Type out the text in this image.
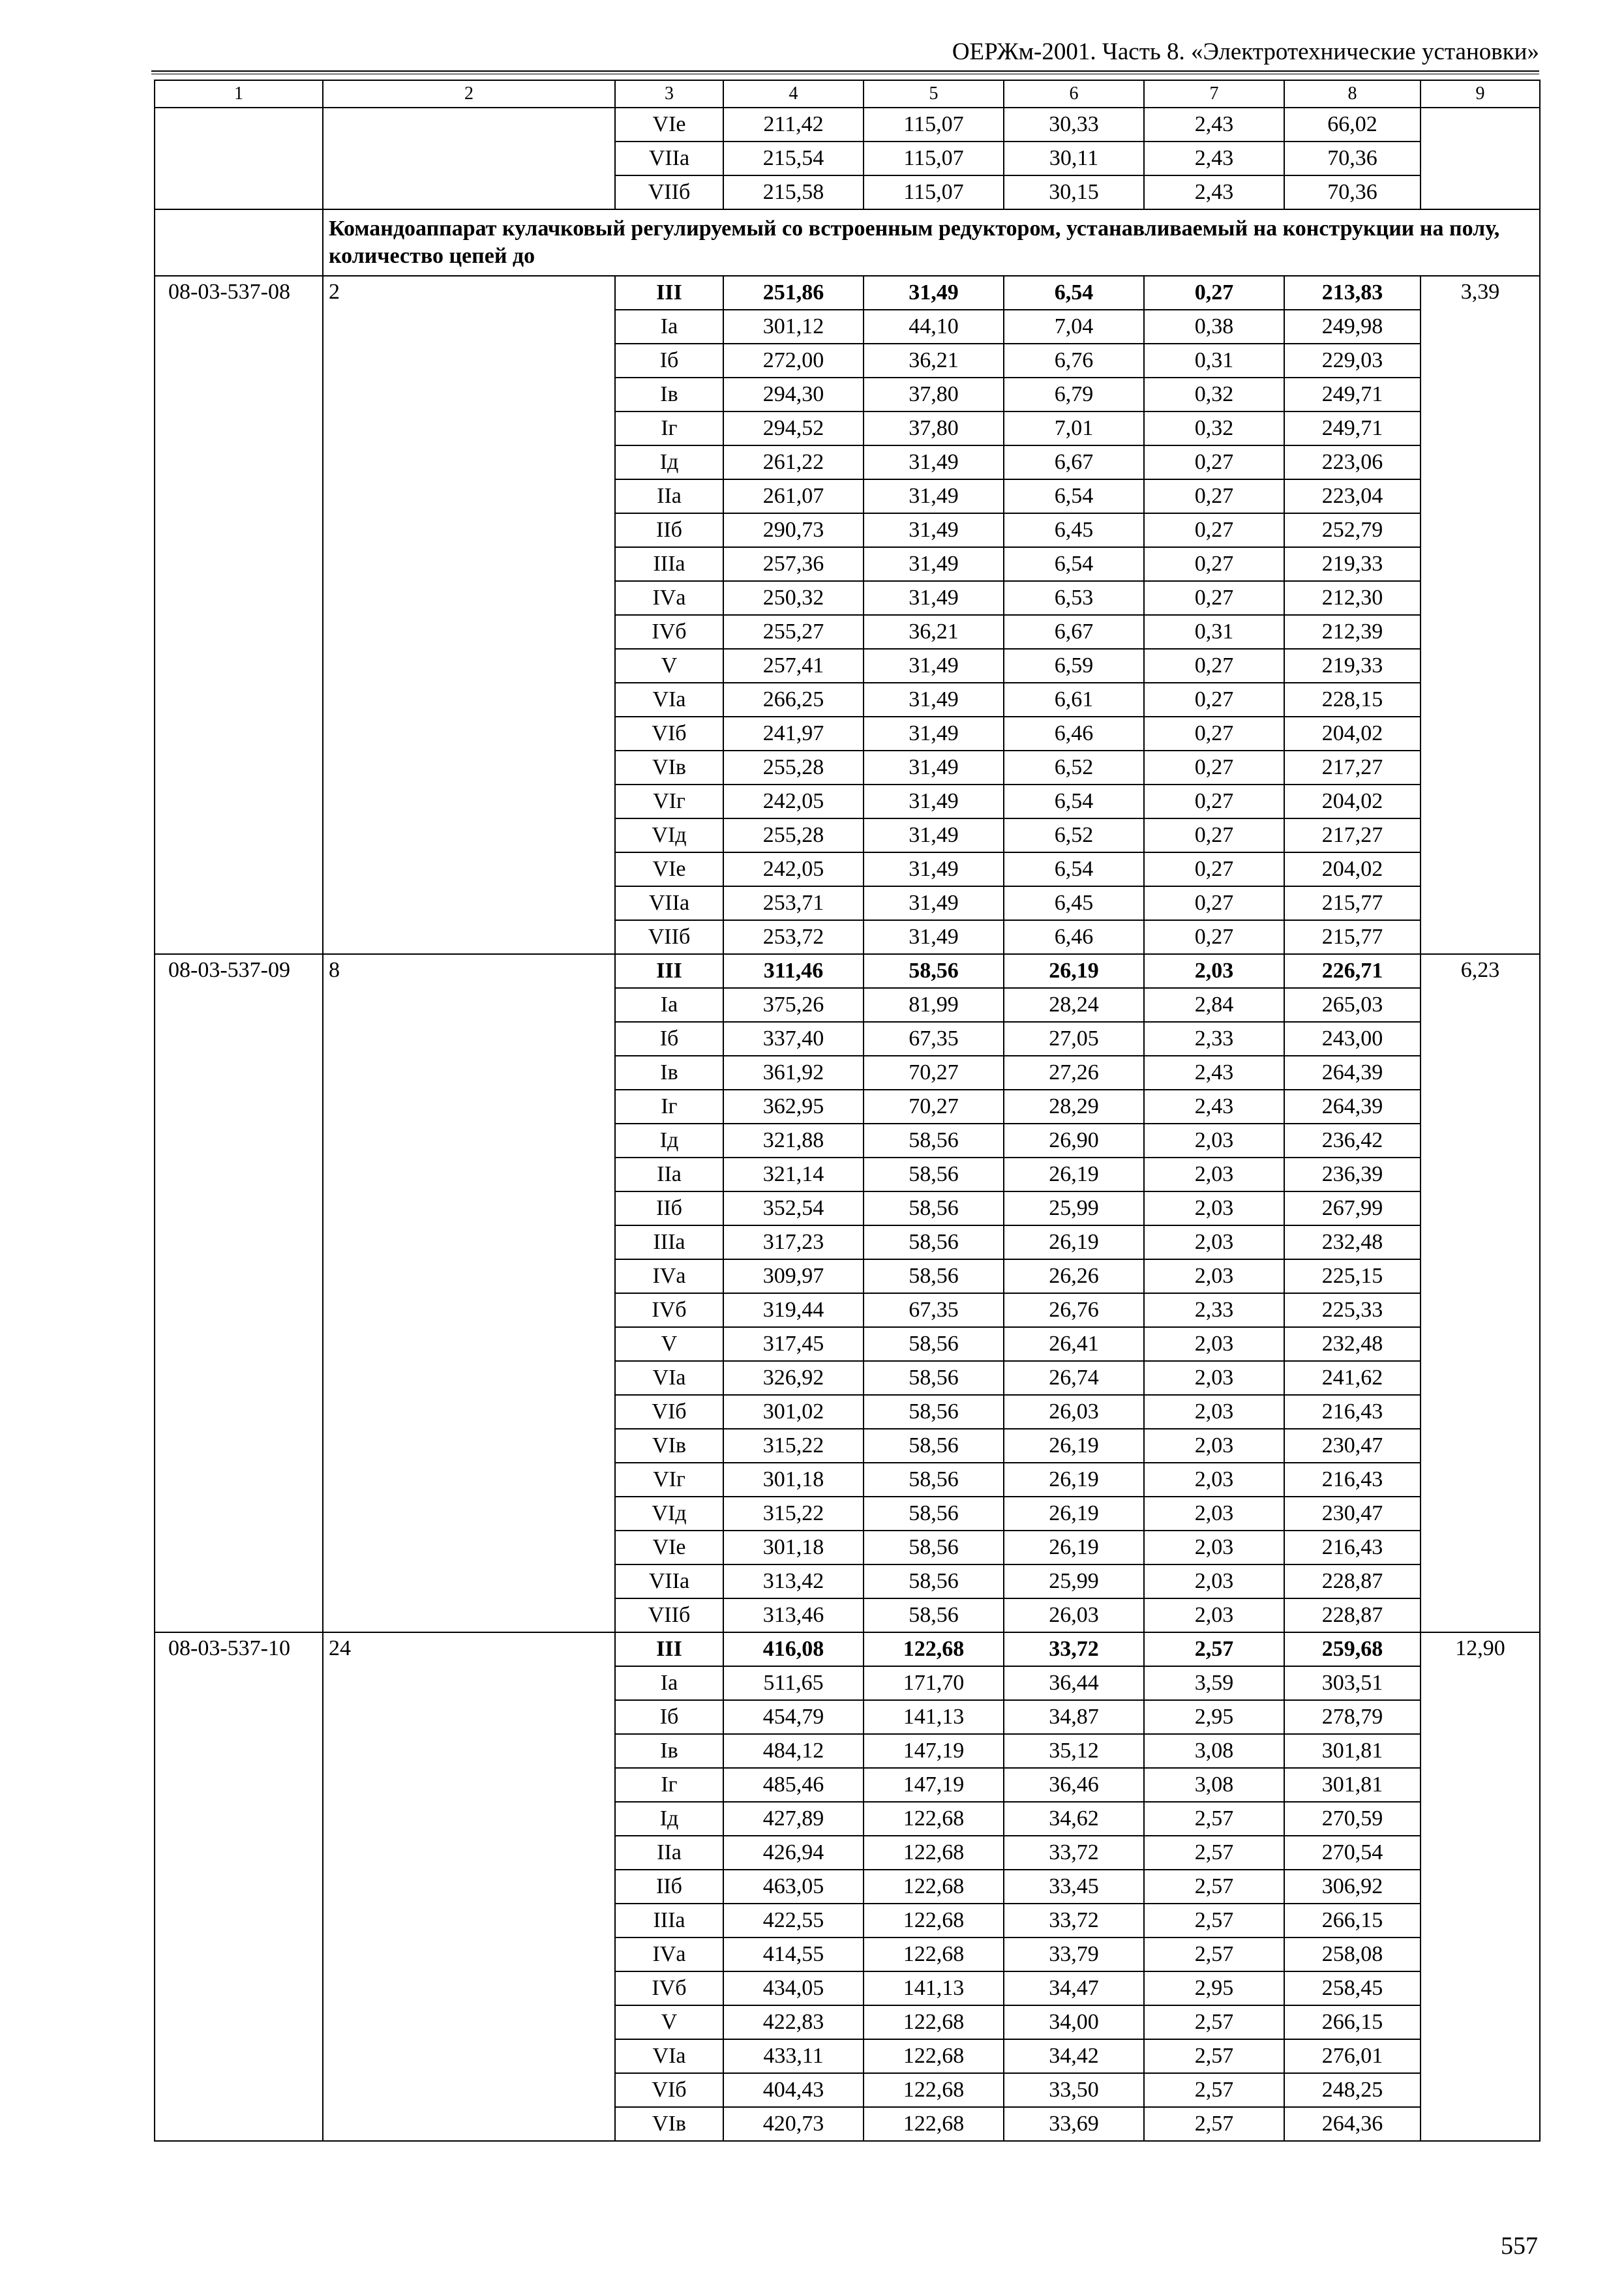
ОЕРЖм-2001. Часть 8. «Электротехнические установки»
1	2	3	4	5	6	7	8	9
		VIе	211,42	115,07	30,33	2,43	66,02	
		VIIа	215,54	115,07	30,11	2,43	70,36	
		VIIб	215,58	115,07	30,15	2,43	70,36	
	Командоаппарат кулачковый регулируемый со встроенным редуктором, устанавливаемый на конструкции на полу, количество цепей до							
08-03-537-08	2	III	251,86	31,49	6,54	0,27	213,83	3,39
		Iа	301,12	44,10	7,04	0,38	249,98	
		Iб	272,00	36,21	6,76	0,31	229,03	
		Iв	294,30	37,80	6,79	0,32	249,71	
		Iг	294,52	37,80	7,01	0,32	249,71	
		Iд	261,22	31,49	6,67	0,27	223,06	
		IIа	261,07	31,49	6,54	0,27	223,04	
		IIб	290,73	31,49	6,45	0,27	252,79	
		IIIа	257,36	31,49	6,54	0,27	219,33	
		IVа	250,32	31,49	6,53	0,27	212,30	
		IVб	255,27	36,21	6,67	0,31	212,39	
		V	257,41	31,49	6,59	0,27	219,33	
		VIа	266,25	31,49	6,61	0,27	228,15	
		VIб	241,97	31,49	6,46	0,27	204,02	
		VIв	255,28	31,49	6,52	0,27	217,27	
		VIг	242,05	31,49	6,54	0,27	204,02	
		VIд	255,28	31,49	6,52	0,27	217,27	
		VIе	242,05	31,49	6,54	0,27	204,02	
		VIIа	253,71	31,49	6,45	0,27	215,77	
		VIIб	253,72	31,49	6,46	0,27	215,77	
08-03-537-09	8	III	311,46	58,56	26,19	2,03	226,71	6,23
		Iа	375,26	81,99	28,24	2,84	265,03	
		Iб	337,40	67,35	27,05	2,33	243,00	
		Iв	361,92	70,27	27,26	2,43	264,39	
		Iг	362,95	70,27	28,29	2,43	264,39	
		Iд	321,88	58,56	26,90	2,03	236,42	
		IIа	321,14	58,56	26,19	2,03	236,39	
		IIб	352,54	58,56	25,99	2,03	267,99	
		IIIа	317,23	58,56	26,19	2,03	232,48	
		IVа	309,97	58,56	26,26	2,03	225,15	
		IVб	319,44	67,35	26,76	2,33	225,33	
		V	317,45	58,56	26,41	2,03	232,48	
		VIа	326,92	58,56	26,74	2,03	241,62	
		VIб	301,02	58,56	26,03	2,03	216,43	
		VIв	315,22	58,56	26,19	2,03	230,47	
		VIг	301,18	58,56	26,19	2,03	216,43	
		VIд	315,22	58,56	26,19	2,03	230,47	
		VIе	301,18	58,56	26,19	2,03	216,43	
		VIIа	313,42	58,56	25,99	2,03	228,87	
		VIIб	313,46	58,56	26,03	2,03	228,87	
08-03-537-10	24	III	416,08	122,68	33,72	2,57	259,68	12,90
		Iа	511,65	171,70	36,44	3,59	303,51	
		Iб	454,79	141,13	34,87	2,95	278,79	
		Iв	484,12	147,19	35,12	3,08	301,81	
		Iг	485,46	147,19	36,46	3,08	301,81	
		Iд	427,89	122,68	34,62	2,57	270,59	
		IIа	426,94	122,68	33,72	2,57	270,54	
		IIб	463,05	122,68	33,45	2,57	306,92	
		IIIа	422,55	122,68	33,72	2,57	266,15	
		IVа	414,55	122,68	33,79	2,57	258,08	
		IVб	434,05	141,13	34,47	2,95	258,45	
		V	422,83	122,68	34,00	2,57	266,15	
		VIа	433,11	122,68	34,42	2,57	276,01	
		VIб	404,43	122,68	33,50	2,57	248,25	
		VIв	420,73	122,68	33,69	2,57	264,36	
557
